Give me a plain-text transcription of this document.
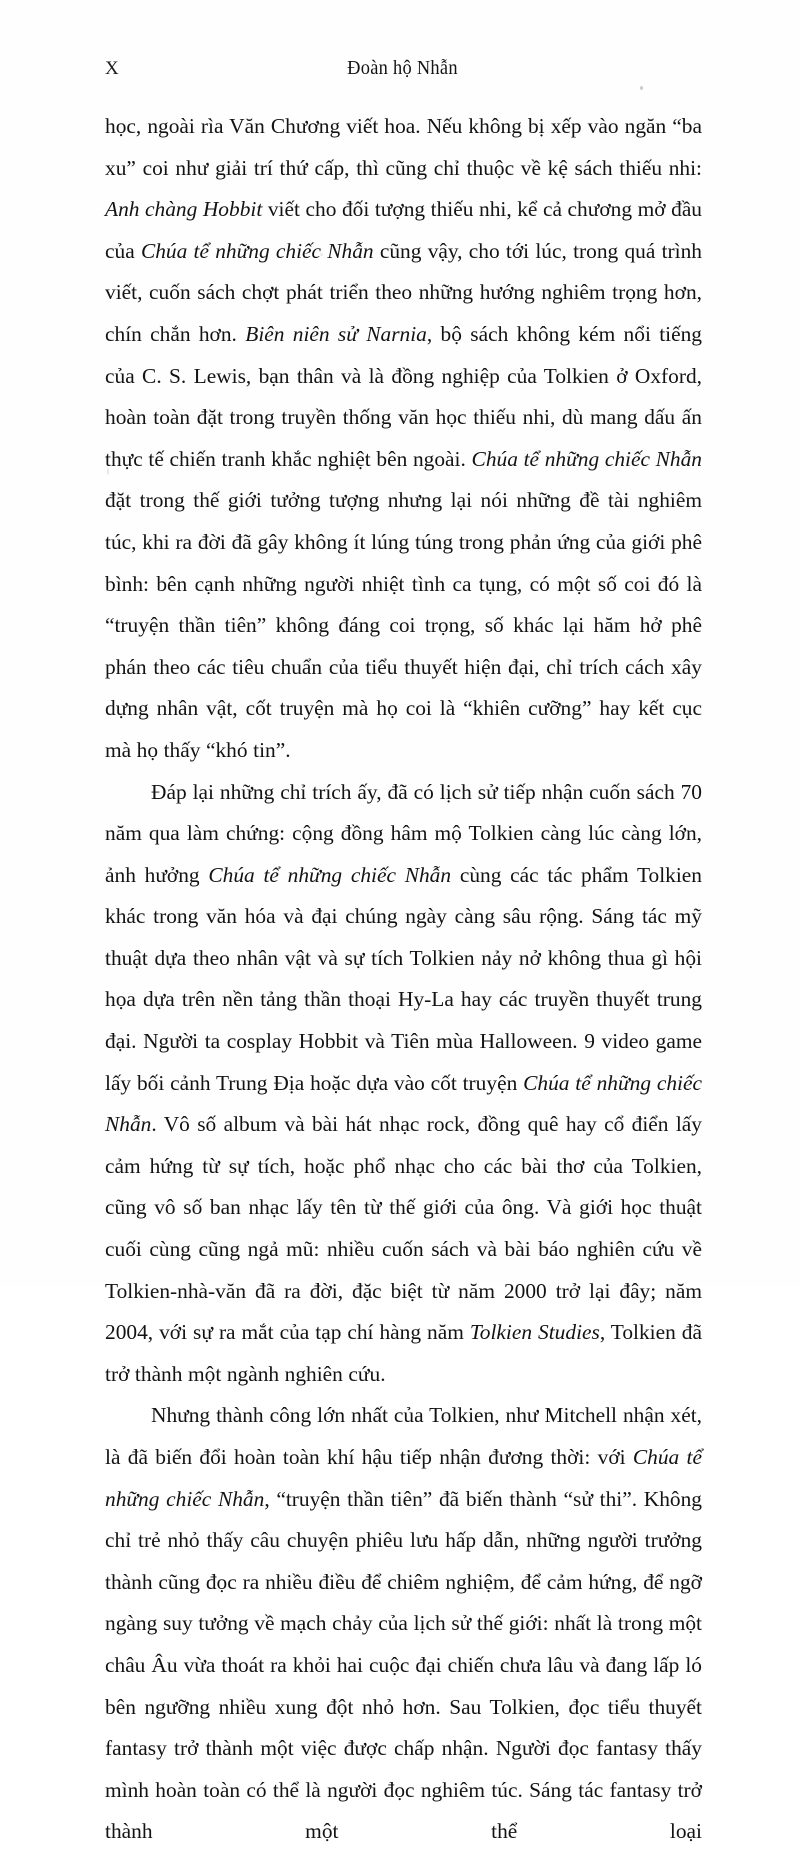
X	Đoàn hộ Nhẫn

học, ngoài rìa Văn Chương viết hoa. Nếu không bị xếp vào ngăn “ba xu” coi như giải trí thứ cấp, thì cũng chỉ thuộc về kệ sách thiếu nhi: Anh chàng Hobbit viết cho đối tượng thiếu nhi, kể cả chương mở đầu của Chúa tể những chiếc Nhẫn cũng vậy, cho tới lúc, trong quá trình viết, cuốn sách chợt phát triển theo những hướng nghiêm trọng hơn, chín chắn hơn. Biên niên sử Narnia, bộ sách không kém nổi tiếng của C. S. Lewis, bạn thân và là đồng nghiệp của Tolkien ở Oxford, hoàn toàn đặt trong truyền thống văn học thiếu nhi, dù mang dấu ấn thực tế chiến tranh khắc nghiệt bên ngoài. Chúa tể những chiếc Nhẫn đặt trong thế giới tưởng tượng nhưng lại nói những đề tài nghiêm túc, khi ra đời đã gây không ít lúng túng trong phản ứng của giới phê bình: bên cạnh những người nhiệt tình ca tụng, có một số coi đó là “truyện thần tiên” không đáng coi trọng, số khác lại hăm hở phê phán theo các tiêu chuẩn của tiểu thuyết hiện đại, chỉ trích cách xây dựng nhân vật, cốt truyện mà họ coi là “khiên cưỡng” hay kết cục mà họ thấy “khó tin”.

Đáp lại những chỉ trích ấy, đã có lịch sử tiếp nhận cuốn sách 70 năm qua làm chứng: cộng đồng hâm mộ Tolkien càng lúc càng lớn, ảnh hưởng Chúa tể những chiếc Nhẫn cùng các tác phẩm Tolkien khác trong văn hóa và đại chúng ngày càng sâu rộng. Sáng tác mỹ thuật dựa theo nhân vật và sự tích Tolkien nảy nở không thua gì hội họa dựa trên nền tảng thần thoại Hy-La hay các truyền thuyết trung đại. Người ta cosplay Hobbit và Tiên mùa Halloween. 9 video game lấy bối cảnh Trung Địa hoặc dựa vào cốt truyện Chúa tể những chiếc Nhẫn. Vô số album và bài hát nhạc rock, đồng quê hay cổ điển lấy cảm hứng từ sự tích, hoặc phổ nhạc cho các bài thơ của Tolkien, cũng vô số ban nhạc lấy tên từ thế giới của ông. Và giới học thuật cuối cùng cũng ngả mũ: nhiều cuốn sách và bài báo nghiên cứu về Tolkien-nhà-văn đã ra đời, đặc biệt từ năm 2000 trở lại đây; năm 2004, với sự ra mắt của tạp chí hàng năm Tolkien Studies, Tolkien đã trở thành một ngành nghiên cứu.

Nhưng thành công lớn nhất của Tolkien, như Mitchell nhận xét, là đã biến đổi hoàn toàn khí hậu tiếp nhận đương thời: với Chúa tể những chiếc Nhẫn, “truyện thần tiên” đã biến thành “sử thi”. Không chỉ trẻ nhỏ thấy câu chuyện phiêu lưu hấp dẫn, những người trưởng thành cũng đọc ra nhiều điều để chiêm nghiệm, để cảm hứng, để ngỡ ngàng suy tưởng về mạch chảy của lịch sử thế giới: nhất là trong một châu Âu vừa thoát ra khỏi hai cuộc đại chiến chưa lâu và đang lấp ló bên ngưỡng nhiều xung đột nhỏ hơn. Sau Tolkien, đọc tiểu thuyết fantasy trở thành một việc được chấp nhận. Người đọc fantasy thấy mình hoàn toàn có thể là người đọc nghiêm túc. Sáng tác fantasy trở thành một thể loại
